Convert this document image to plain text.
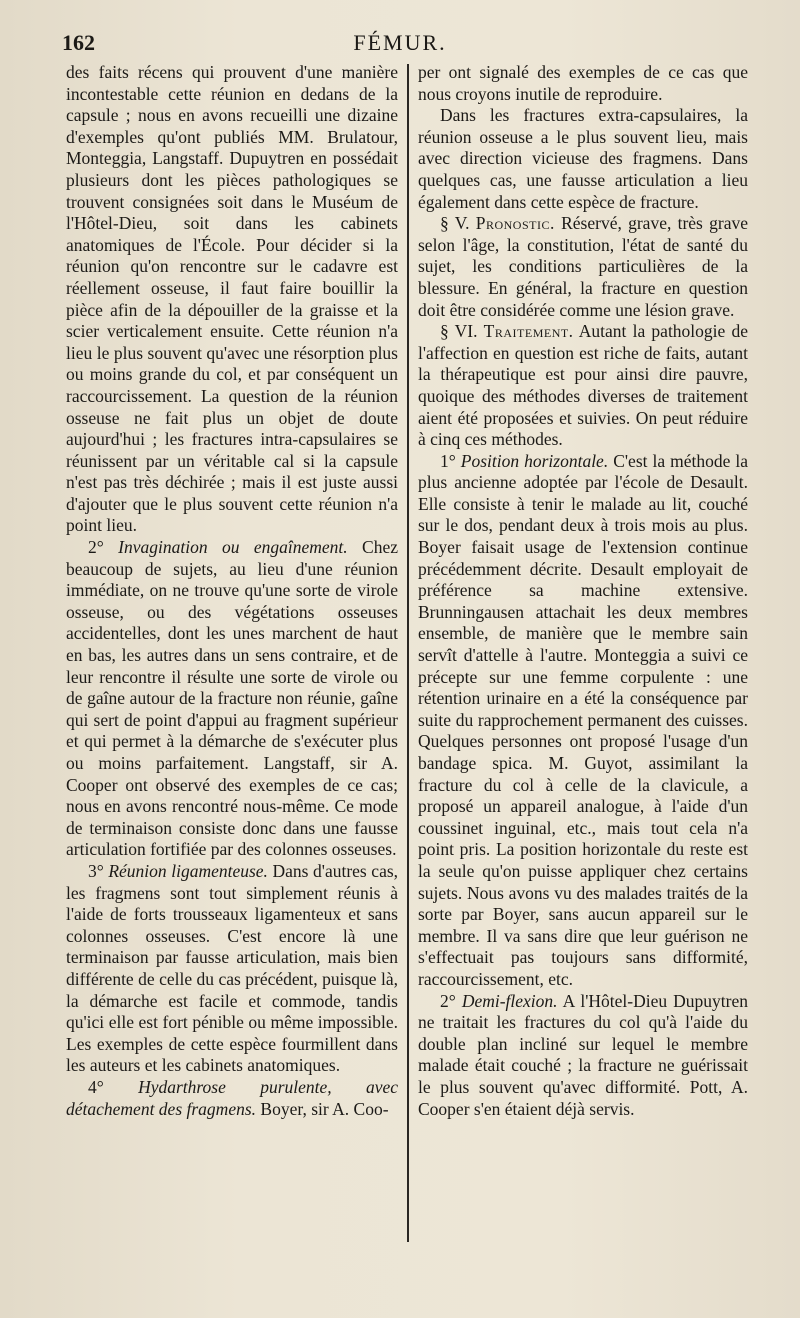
162	FÉMUR.

des faits récens qui prouvent d'une manière incontestable cette réunion en dedans de la capsule ; nous en avons recueilli une dizaine d'exemples qu'ont publiés MM. Brulatour, Monteggia, Langstaff. Dupuytren en possédait plusieurs dont les pièces pathologiques se trouvent consignées soit dans le Muséum de l'Hôtel-Dieu, soit dans les cabinets anatomiques de l'École. Pour décider si la réunion qu'on rencontre sur le cadavre est réellement osseuse, il faut faire bouillir la pièce afin de la dépouiller de la graisse et la scier verticalement ensuite. Cette réunion n'a lieu le plus souvent qu'avec une résorption plus ou moins grande du col, et par conséquent un raccourcissement. La question de la réunion osseuse ne fait plus un objet de doute aujourd'hui ; les fractures intra-capsulaires se réunissent par un véritable cal si la capsule n'est pas très déchirée ; mais il est juste aussi d'ajouter que le plus souvent cette réunion n'a point lieu.

2° Invagination ou engaînement. Chez beaucoup de sujets, au lieu d'une réunion immédiate, on ne trouve qu'une sorte de virole osseuse, ou des végétations osseuses accidentelles, dont les unes marchent de haut en bas, les autres dans un sens contraire, et de leur rencontre il résulte une sorte de virole ou de gaîne autour de la fracture non réunie, gaîne qui sert de point d'appui au fragment supérieur et qui permet à la démarche de s'exécuter plus ou moins parfaitement. Langstaff, sir A. Cooper ont observé des exemples de ce cas; nous en avons rencontré nous-même. Ce mode de terminaison consiste donc dans une fausse articulation fortifiée par des colonnes osseuses.

3° Réunion ligamenteuse. Dans d'autres cas, les fragmens sont tout simplement réunis à l'aide de forts trousseaux ligamenteux et sans colonnes osseuses. C'est encore là une terminaison par fausse articulation, mais bien différente de celle du cas précédent, puisque là, la démarche est facile et commode, tandis qu'ici elle est fort pénible ou même impossible. Les exemples de cette espèce fourmillent dans les auteurs et les cabinets anatomiques.

4° Hydarthrose purulente, avec détachement des fragmens. Boyer, sir A. Coo-

per ont signalé des exemples de ce cas que nous croyons inutile de reproduire.

Dans les fractures extra-capsulaires, la réunion osseuse a le plus souvent lieu, mais avec direction vicieuse des fragmens. Dans quelques cas, une fausse articulation a lieu également dans cette espèce de fracture.

§ V. Pronostic. Réservé, grave, très grave selon l'âge, la constitution, l'état de santé du sujet, les conditions particulières de la blessure. En général, la fracture en question doit être considérée comme une lésion grave.

§ VI. Traitement. Autant la pathologie de l'affection en question est riche de faits, autant la thérapeutique est pour ainsi dire pauvre, quoique des méthodes diverses de traitement aient été proposées et suivies. On peut réduire à cinq ces méthodes.

1° Position horizontale. C'est la méthode la plus ancienne adoptée par l'école de Desault. Elle consiste à tenir le malade au lit, couché sur le dos, pendant deux à trois mois au plus. Boyer faisait usage de l'extension continue précédemment décrite. Desault employait de préférence sa machine extensive. Brunningausen attachait les deux membres ensemble, de manière que le membre sain servît d'attelle à l'autre. Monteggia a suivi ce précepte sur une femme corpulente : une rétention urinaire en a été la conséquence par suite du rapprochement permanent des cuisses. Quelques personnes ont proposé l'usage d'un bandage spica. M. Guyot, assimilant la fracture du col à celle de la clavicule, a proposé un appareil analogue, à l'aide d'un coussinet inguinal, etc., mais tout cela n'a point pris. La position horizontale du reste est la seule qu'on puisse appliquer chez certains sujets. Nous avons vu des malades traités de la sorte par Boyer, sans aucun appareil sur le membre. Il va sans dire que leur guérison ne s'effectuait pas toujours sans difformité, raccourcissement, etc.

2° Demi-flexion. A l'Hôtel-Dieu Dupuytren ne traitait les fractures du col qu'à l'aide du double plan incliné sur lequel le membre malade était couché ; la fracture ne guérissait le plus souvent qu'avec difformité. Pott, A. Cooper s'en étaient déjà servis.
